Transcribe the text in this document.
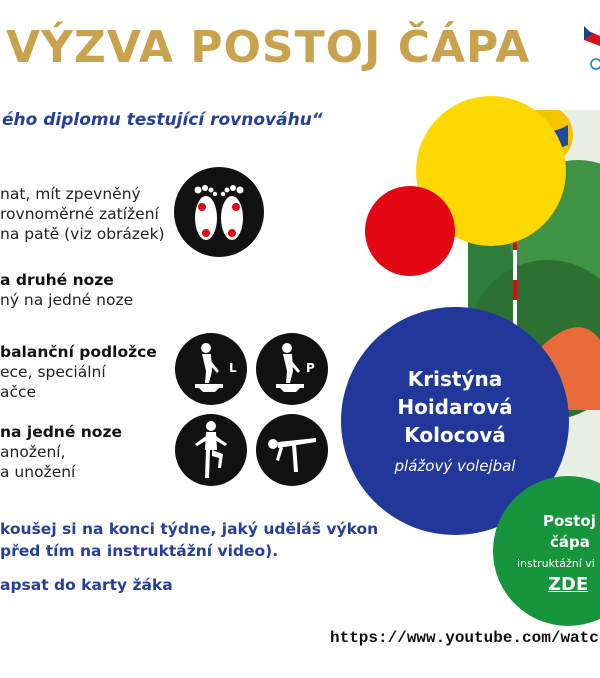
VÝZVA POSTOJ ČÁPA
ého diplomu testující rovnováhu“
nat, mít zpevněný
rovnoměrné zatížení
na patě (viz obrázek)
a druhé noze
ný na jedné noze
balanční podložce
ece, speciální
ačce
na jedné noze
anožení,
a unožení
L	P
koušej si na konci týdne, jaký uděláš výkon
před tím na instruktážní video).
apsat do karty žáka
Kristýna
Hoidarová
Kolocová
plážový volejbal
Postoj
čápa
instruktážní vi
ZDE
https://www.youtube.com/watc
